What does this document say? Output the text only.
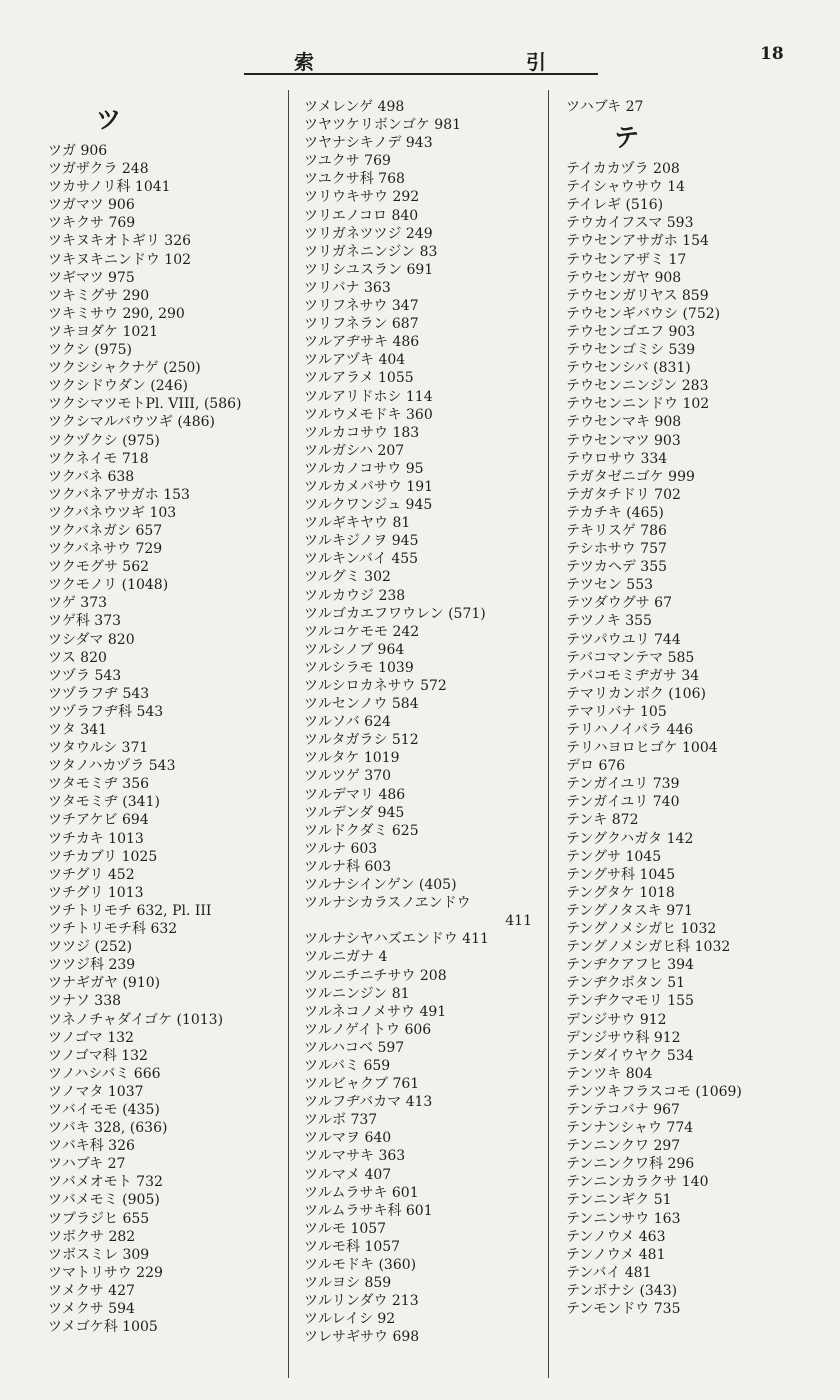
索	引	18
ツ
ツガ 906
ツガザクラ 248
ツカサノリ科 1041
ツガマツ 906
ツキクサ 769
ツキヌキオトギリ 326
ツキヌキニンドウ 102
ツギマツ 975
ツキミグサ 290
ツキミサウ 290, 290
ツキヨダケ 1021
ツクシ (975)
ツクシシャクナゲ (250)
ツクシドウダン (246)
ツクシマツモトPl. VIII, (586)
ツクシマルバウツギ (486)
ツクヅクシ (975)
ツクネイモ 718
ツクバネ 638
ツクバネアサガホ 153
ツクバネウツギ 103
ツクバネガシ 657
ツクバネサウ 729
ツクモグサ 562
ツクモノリ (1048)
ツゲ 373
ツゲ科 373
ツシダマ 820
ツス 820
ツヅラ 543
ツヅラフヂ 543
ツヅラフヂ科 543
ツタ 341
ツタウルシ 371
ツタノハカヅラ 543
ツタモミヂ 356
ツタモミヂ (341)
ツチアケビ 694
ツチカキ 1013
ツチカブリ 1025
ツチグリ 452
ツチグリ 1013
ツチトリモチ 632, Pl. III
ツチトリモチ科 632
ツツジ (252)
ツツジ科 239
ツナギガヤ (910)
ツナソ 338
ツネノチャダイゴケ (1013)
ツノゴマ 132
ツノゴマ科 132
ツノハシバミ 666
ツノマタ 1037
ツバイモモ (435)
ツバキ 328, (636)
ツバキ科 326
ツハブキ 27
ツバメオモト 732
ツバメモミ (905)
ツブラジヒ 655
ツボクサ 282
ツボスミレ 309
ツマトリサウ 229
ツメクサ 427
ツメクサ 594
ツメゴケ科 1005
ツメレンゲ 498
ツヤツケリボンゴケ 981
ツヤナシキノデ 943
ツユクサ 769
ツユクサ科 768
ツリウキサウ 292
ツリエノコロ 840
ツリガネツツジ 249
ツリガネニンジン 83
ツリシユスラン 691
ツリバナ 363
ツリフネサウ 347
ツリフネラン 687
ツルアヂサキ 486
ツルアヅキ 404
ツルアラメ 1055
ツルアリドホシ 114
ツルウメモドキ 360
ツルカコサウ 183
ツルガシハ 207
ツルカノコサウ 95
ツルカメバサウ 191
ツルクワンジュ 945
ツルギキヤウ 81
ツルキジノヲ 945
ツルキンバイ 455
ツルグミ 302
ツルカウジ 238
ツルゴカエフワウレン (571)
ツルコケモモ 242
ツルシノブ 964
ツルシラモ 1039
ツルシロカネサウ 572
ツルセンノウ 584
ツルソバ 624
ツルタガラシ 512
ツルタケ 1019
ツルツゲ 370
ツルデマリ 486
ツルデンダ 945
ツルドクダミ 625
ツルナ 603
ツルナ科 603
ツルナシインゲン (405)
ツルナシカラスノヱンドウ
411
ツルナシヤハズエンドウ 411
ツルニガナ 4
ツルニチニチサウ 208
ツルニンジン 81
ツルネコノメサウ 491
ツルノゲイトウ 606
ツルハコベ 597
ツルバミ 659
ツルビャクブ 761
ツルフヂバカマ 413
ツルボ 737
ツルマヲ 640
ツルマサキ 363
ツルマメ 407
ツルムラサキ 601
ツルムラサキ科 601
ツルモ 1057
ツルモ科 1057
ツルモドキ (360)
ツルヨシ 859
ツルリンダウ 213
ツルレイシ 92
ツレサギサウ 698
ツハブキ 27
テ
テイカカヅラ 208
テイシャウサウ 14
テイレギ (516)
テウカイフスマ 593
テウセンアサガホ 154
テウセンアザミ 17
テウセンガヤ 908
テウセンガリヤス 859
テウセンギバウシ (752)
テウセンゴエフ 903
テウセンゴミシ 539
テウセンシバ (831)
テウセンニンジン 283
テウセンニンドウ 102
テウセンマキ 908
テウセンマツ 903
テウロサウ 334
テガタゼニゴケ 999
テガタチドリ 702
テカチキ (465)
テキリスゲ 786
テシホサウ 757
テツカヘデ 355
テツセン 553
テツダウグサ 67
テツノキ 355
テツパウユリ 744
テバコマンテマ 585
テバコモミヂガサ 34
テマリカンボク (106)
テマリバナ 105
テリハノイバラ 446
テリハヨロヒゴケ 1004
デロ 676
テンガイユリ 739
テンガイユリ 740
テンキ 872
テングクハガタ 142
テングサ 1045
テングサ科 1045
テングタケ 1018
テングノタスキ 971
テングノメシガヒ 1032
テングノメシガヒ科 1032
テンヂクアフヒ 394
テンヂクボタン 51
テンヂクマモリ 155
デンジサウ 912
デンジサウ科 912
テンダイウヤク 534
テンツキ 804
テンツキフラスコモ (1069)
テンテコバナ 967
テンナンシャウ 774
テンニンクワ 297
テンニンクワ科 296
テンニンカラクサ 140
テンニンギク 51
テンニンサウ 163
テンノウメ 463
テンノウメ 481
テンバイ 481
テンボナシ (343)
テンモンドウ 735
